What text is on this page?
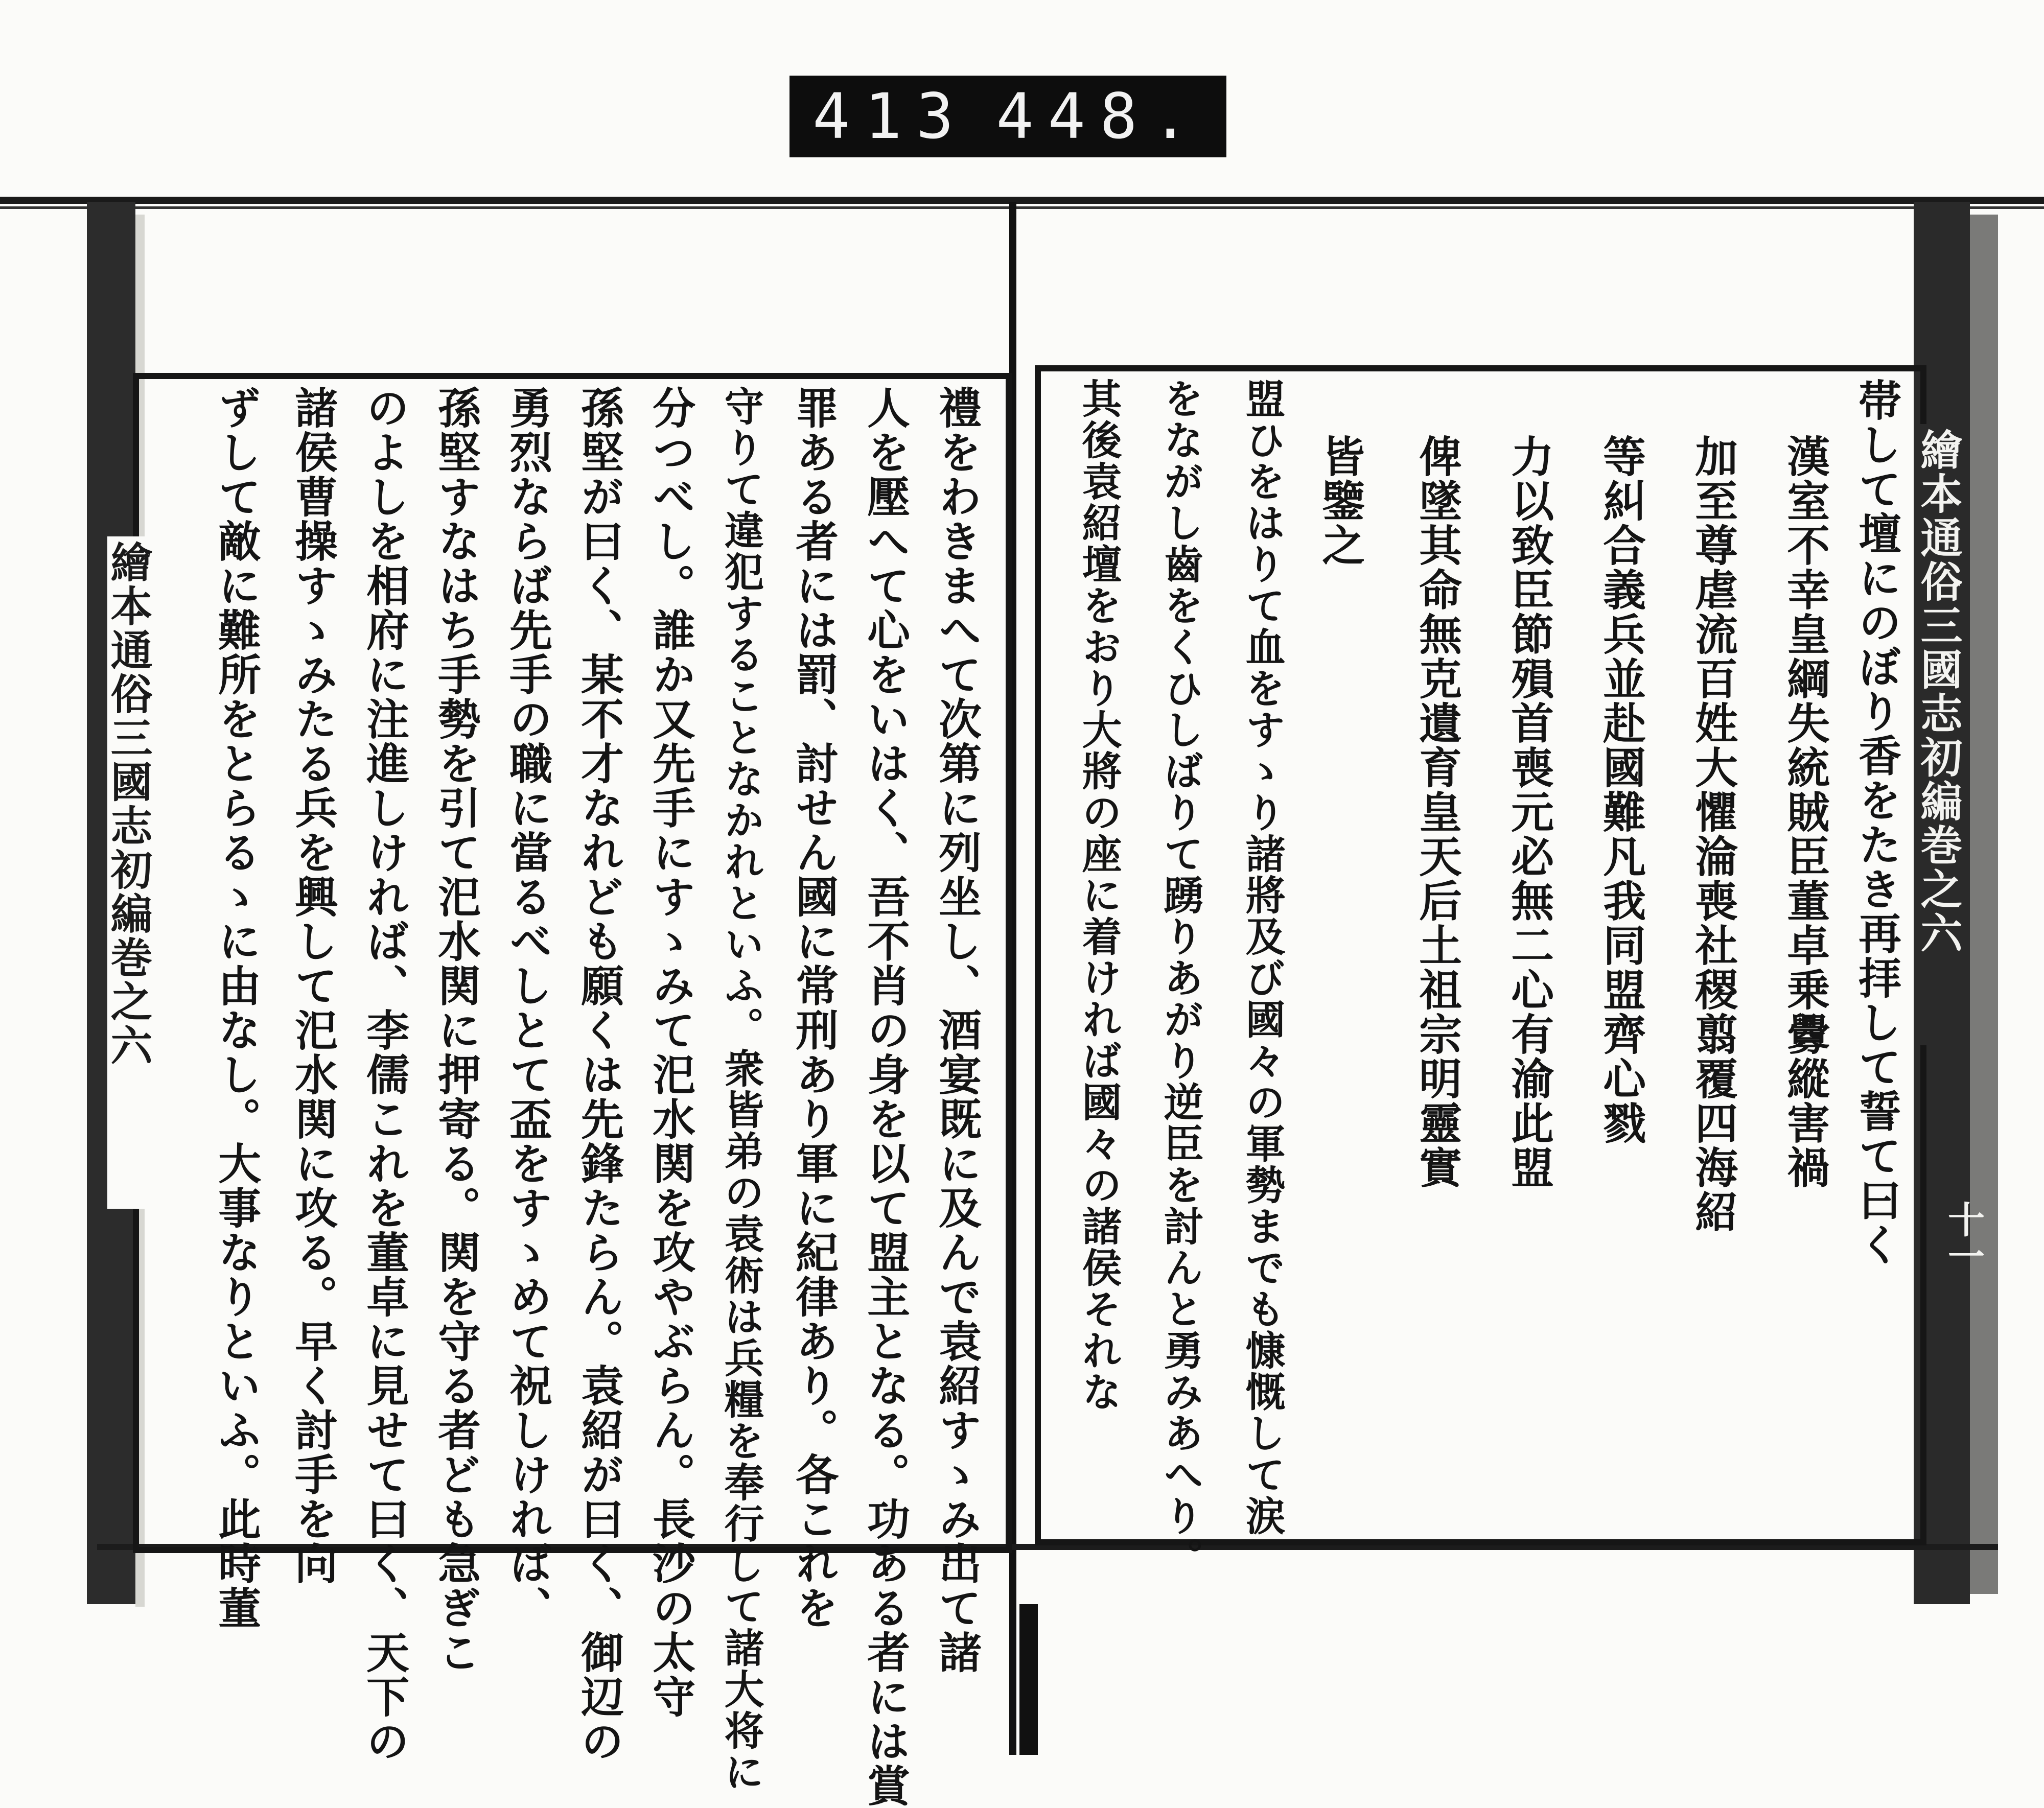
413 448.
繪本通俗三國志初編巻之六	禮をわきまへて次第に列坐し、酒宴既に及んで袁紹すゝみ出て諸
人を壓へて心をいはく、吾不肖の身を以て盟主となる。功ある者には賞
罪ある者には罰、討せん國に常刑あり軍に紀律あり。各これを
守りて違犯することなかれといふ。衆皆弟の袁術は兵糧を奉行して諸大将に
分つべし。誰か又先手にすゝみて汜水関を攻やぶらん。長沙の太守
孫堅が曰く、某不才なれども願くは先鋒たらん。袁紹が曰く、御辺の
勇烈ならば先手の職に當るべしとて盃をすゝめて祝しければ、
孫堅すなはち手勢を引て汜水関に押寄る。関を守る者ども急ぎこ
のよしを相府に注進しければ、李儒これを董卓に見せて曰く、天下の
諸侯曹操すゝみたる兵を興して汜水関に攻る。早く討手を向
ずして敵に難所をとらるゝに由なし。大事なりといふ。此時董	繪本通俗三國志初編巻之六
十一
帯して壇にのぼり香をたき再拝して誓て曰く
漢室不幸皇綱失統賊臣董卓乗釁縱害禍
加至尊虐流百姓大懼淪喪社稷翦覆四海紹
等糾合義兵並赴國難凡我同盟齊心戮
力以致臣節殞首喪元必無二心有渝此盟
俾墜其命無克遺育皇天后土祖宗明靈實
皆鑒之
盟ひをはりて血をすゝり諸將及び國々の軍勢までも慷慨して涙
をながし齒をくひしばりて踴りあがり逆臣を討んと勇みあへり。
其後袁紹壇をおり大將の座に着ければ國々の諸侯それな
